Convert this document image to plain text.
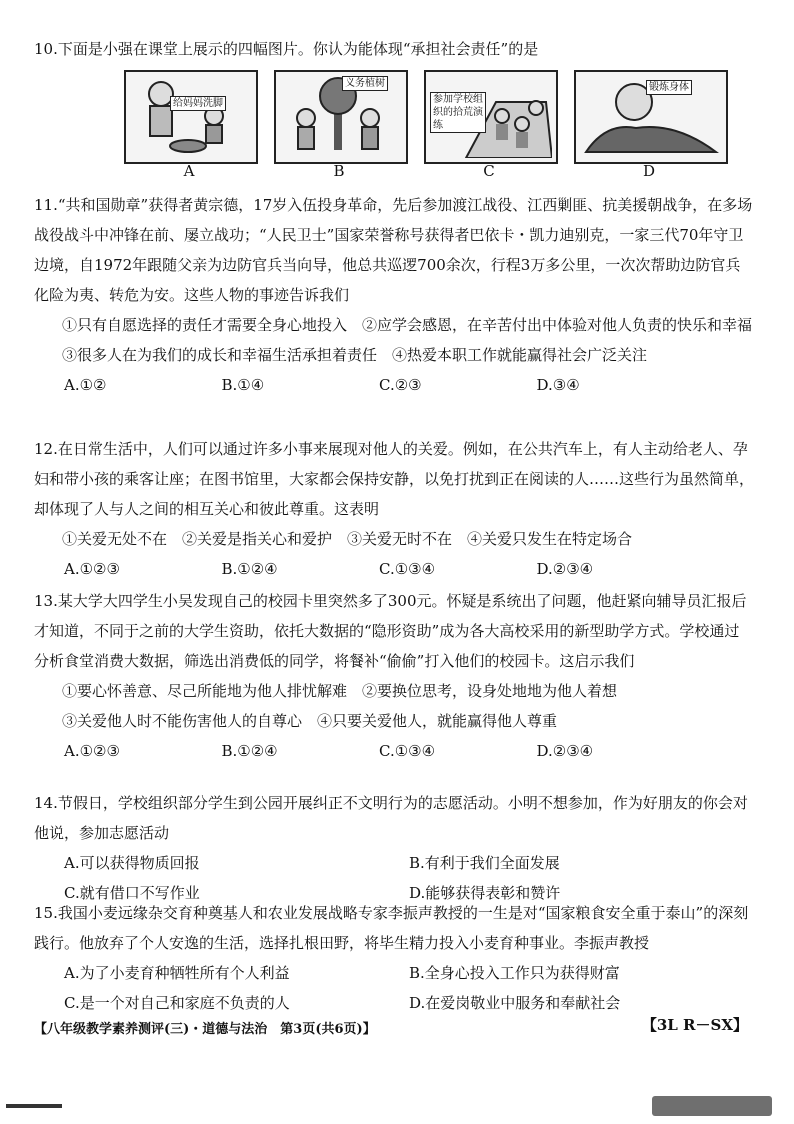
10.下面是小强在课堂上展示的四幅图片。你认为能体现“承担社会责任”的是

给妈妈洗脚
A
义务植树
B
参加学校组织的拾荒演练
C
锻炼身体
D

11.“共和国勋章”获得者黄宗德，17岁入伍投身革命，先后参加渡江战役、江西剿匪、抗美援朝战争，在多场战役战斗中冲锋在前、屡立战功；“人民卫士”国家荣誉称号获得者巴依卡・凯力迪别克，一家三代70年守卫边境，自1972年跟随父亲为边防官兵当向导，他总共巡逻700余次，行程3万多公里，一次次帮助边防官兵化险为夷、转危为安。这些人物的事迹告诉我们

①只有自愿选择的责任才需要全身心地投入　②应学会感恩，在辛苦付出中体验对他人负责的快乐和幸福　③很多人在为我们的成长和幸福生活承担着责任　④热爱本职工作就能赢得社会广泛关注
A.①②	B.①④	C.②③	D.③④

12.在日常生活中，人们可以通过许多小事来展现对他人的关爱。例如，在公共汽车上，有人主动给老人、孕妇和带小孩的乘客让座；在图书馆里，大家都会保持安静，以免打扰到正在阅读的人……这些行为虽然简单，却体现了人与人之间的相互关心和彼此尊重。这表明

①关爱无处不在　②关爱是指关心和爱护　③关爱无时不在　④关爱只发生在特定场合
A.①②③	B.①②④	C.①③④	D.②③④

13.某大学大四学生小吴发现自己的校园卡里突然多了300元。怀疑是系统出了问题，他赶紧向辅导员汇报后才知道，不同于之前的大学生资助，依托大数据的“隐形资助”成为各大高校采用的新型助学方式。学校通过分析食堂消费大数据，筛选出消费低的同学，将餐补“偷偷”打入他们的校园卡。这启示我们

①要心怀善意、尽己所能地为他人排忧解难　②要换位思考，设身处地地为他人着想
③关爱他人时不能伤害他人的自尊心　④只要关爱他人，就能赢得他人尊重
A.①②③	B.①②④	C.①③④	D.②③④

14.节假日，学校组织部分学生到公园开展纠正不文明行为的志愿活动。小明不想参加，作为好朋友的你会对他说，参加志愿活动

A.可以获得物质回报	B.有利于我们全面发展
C.就有借口不写作业	D.能够获得表彰和赞许

15.我国小麦远缘杂交育种奠基人和农业发展战略专家李振声教授的一生是对“国家粮食安全重于泰山”的深刻践行。他放弃了个人安逸的生活，选择扎根田野，将毕生精力投入小麦育种事业。李振声教授

A.为了小麦育种牺牲所有个人利益	B.全身心投入工作只为获得财富
C.是一个对自己和家庭不负责的人	D.在爱岗敬业中服务和奉献社会
【八年级教学素养测评(三)・道德与法治　第3页(共6页)】	【3L R－SX】
